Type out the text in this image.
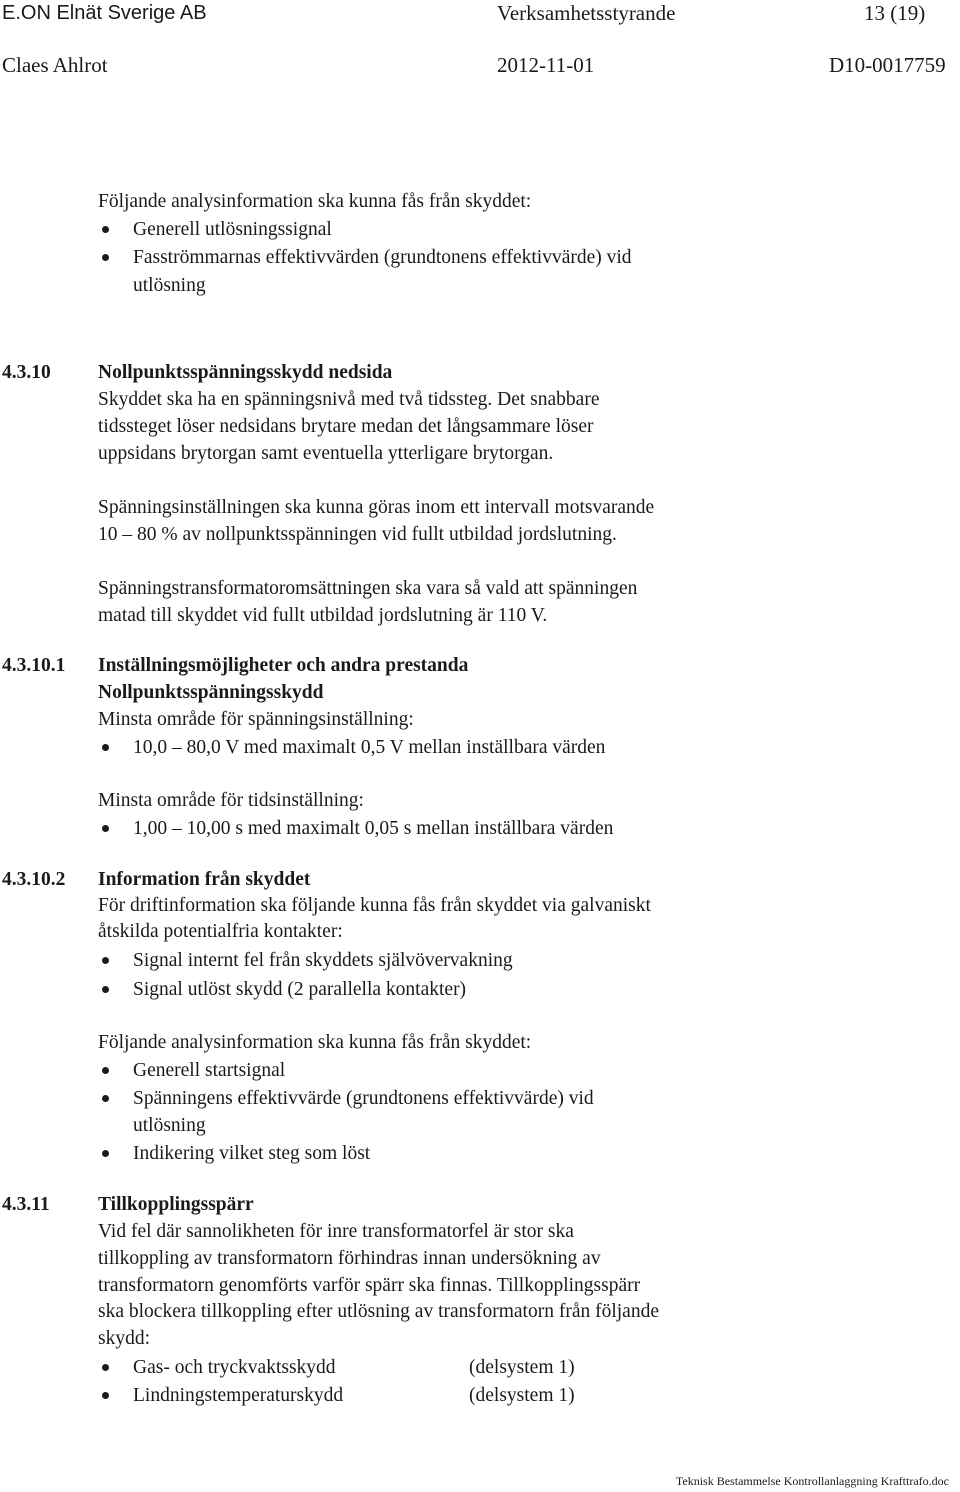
E.ON Elnät Sverige AB	Verksamhetsstyrande	13 (19)
Claes Ahlrot	2012-11-01	D10-0017759
Följande analysinformation ska kunna fås från skyddet:
Generell utlösningssignal
Fasströmmarnas effektivvärden (grundtonens effektivvärde) vid
utlösning
4.3.10 Nollpunktsspänningsskydd nedsida
Skyddet ska ha en spänningsnivå med två tidssteg. Det snabbare
tidssteget löser nedsidans brytare medan det långsammare löser
uppsidans brytorgan samt eventuella ytterligare brytorgan.
Spänningsinställningen ska kunna göras inom ett intervall motsvarande
10 – 80 % av nollpunktsspänningen vid fullt utbildad jordslutning.
Spänningstransformatoromsättningen ska vara så vald att spänningen
matad till skyddet vid fullt utbildad jordslutning är 110 V.
4.3.10.1 Inställningsmöjligheter och andra prestanda
Nollpunktsspänningsskydd
Minsta område för spänningsinställning:
10,0 – 80,0 V med maximalt 0,5 V mellan inställbara värden
Minsta område för tidsinställning:
1,00 – 10,00 s med maximalt 0,05 s mellan inställbara värden
4.3.10.2 Information från skyddet
För driftinformation ska följande kunna fås från skyddet via galvaniskt
åtskilda potentialfria kontakter:
Signal internt fel från skyddets självövervakning
Signal utlöst skydd (2 parallella kontakter)
Följande analysinformation ska kunna fås från skyddet:
Generell startsignal
Spänningens effektivvärde (grundtonens effektivvärde) vid
utlösning
Indikering vilket steg som löst
4.3.11 Tillkopplingsspärr
Vid fel där sannolikheten för inre transformatorfel är stor ska
tillkoppling av transformatorn förhindras innan undersökning av
transformatorn genomförts varför spärr ska finnas. Tillkopplingsspärr
ska blockera tillkoppling efter utlösning av transformatorn från följande
skydd:
Gas- och tryckvaktsskydd	(delsystem 1)
Lindningstemperaturskydd	(delsystem 1)
Teknisk Bestammelse Kontrollanlaggning Krafttrafo.doc
